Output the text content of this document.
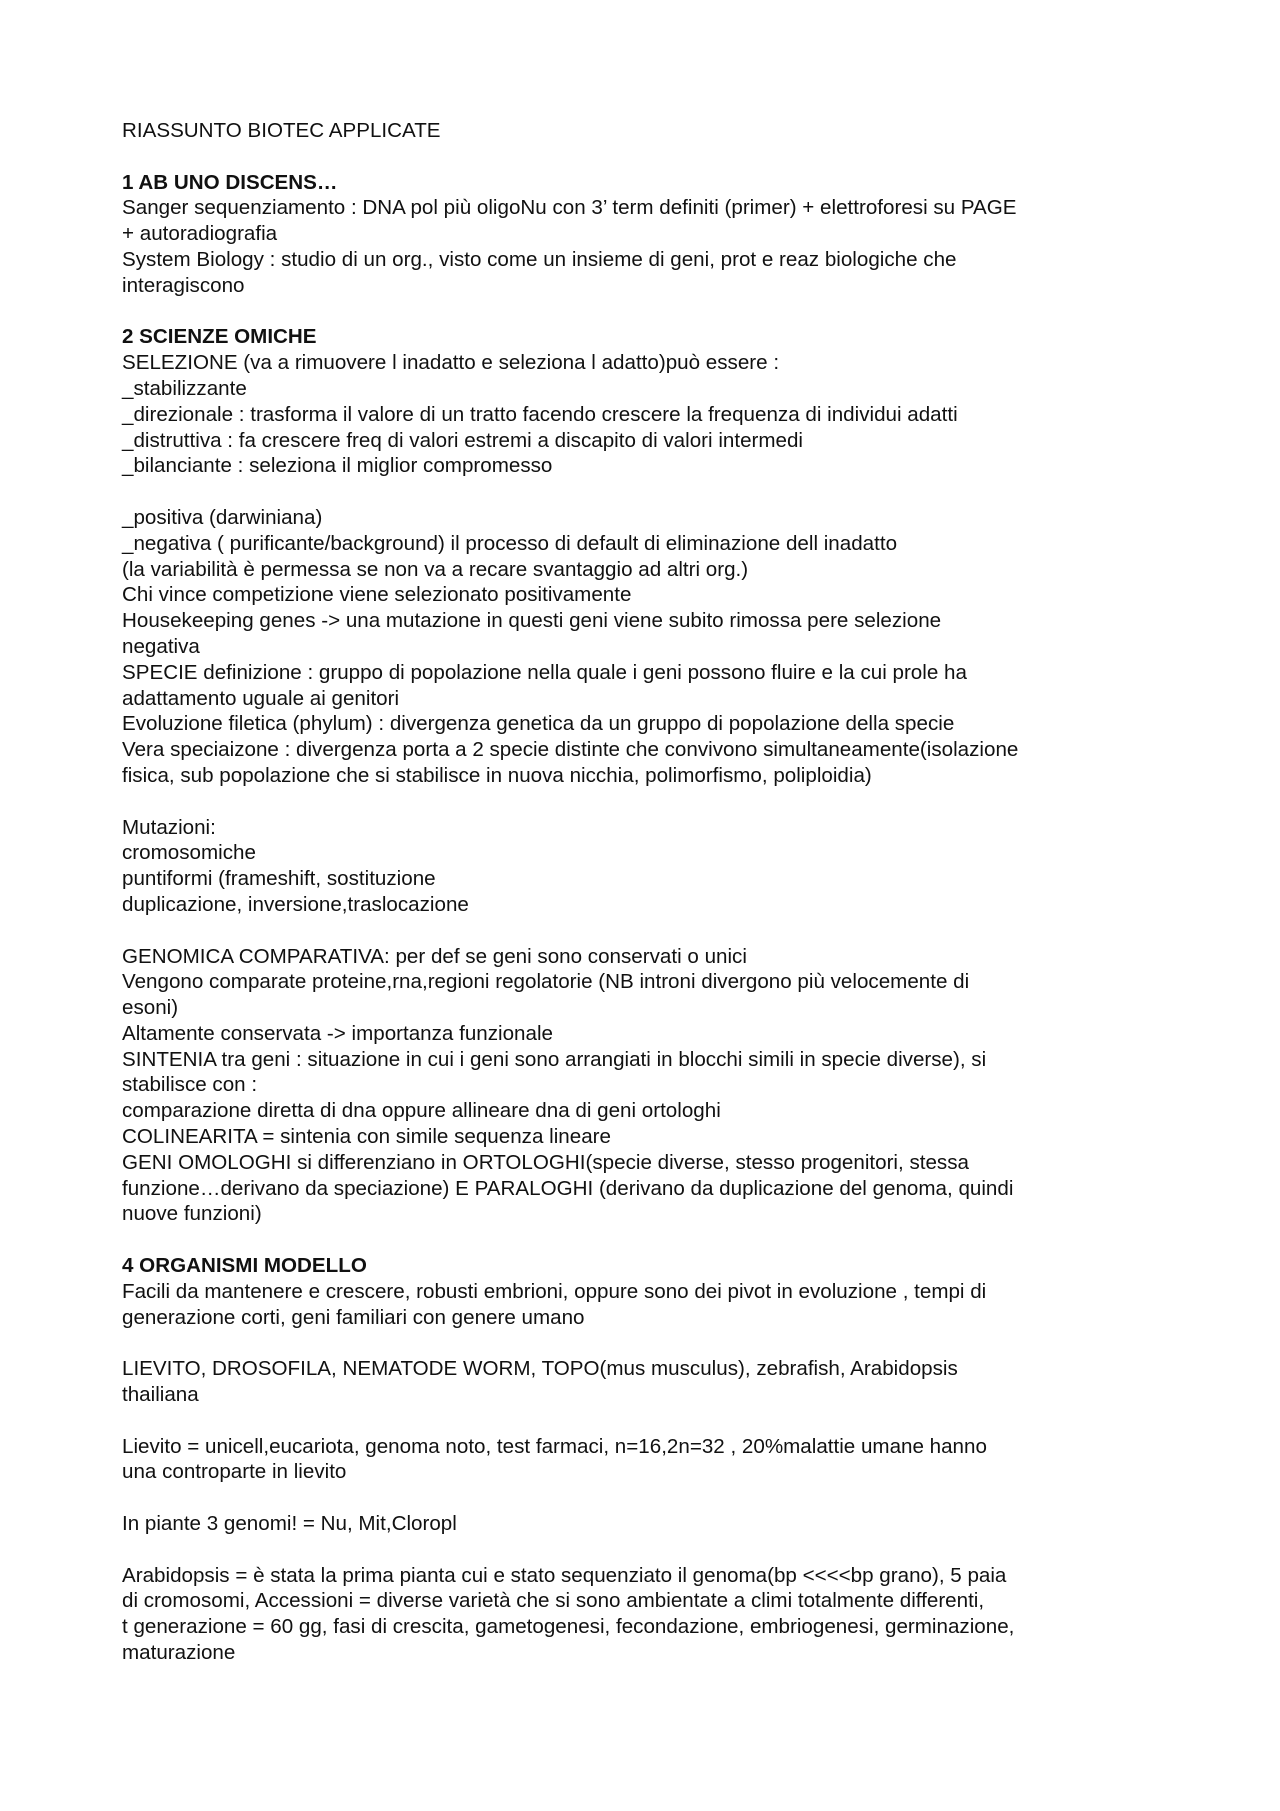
RIASSUNTO BIOTEC APPLICATE
1 AB UNO DISCENS…
Sanger sequenziamento : DNA pol più oligoNu con 3’ term definiti (primer) + elettroforesi su PAGE
+ autoradiografia
System Biology : studio di un org., visto come un insieme di geni, prot e reaz biologiche che
interagiscono
2 SCIENZE OMICHE
SELEZIONE (va a rimuovere l inadatto e seleziona l adatto)può essere :
_stabilizzante
_direzionale : trasforma il valore di un tratto facendo crescere la frequenza di individui adatti
_distruttiva : fa crescere freq di valori estremi a discapito di valori intermedi
_bilanciante : seleziona il miglior compromesso
_positiva (darwiniana)
_negativa ( purificante/background) il processo di default di eliminazione dell inadatto
(la variabilità è permessa se non va a recare svantaggio ad altri org.)
Chi vince competizione viene selezionato positivamente
Housekeeping genes -> una mutazione in questi geni viene subito rimossa pere selezione
negativa
SPECIE definizione : gruppo di popolazione nella quale i geni possono fluire e la cui prole ha
adattamento uguale ai genitori
Evoluzione filetica (phylum) : divergenza genetica da un gruppo di popolazione della specie
Vera speciaizone : divergenza porta a 2 specie distinte che convivono simultaneamente(isolazione
fisica, sub popolazione che si stabilisce in nuova nicchia, polimorfismo, poliploidia)
Mutazioni:
cromosomiche
puntiformi (frameshift, sostituzione
duplicazione, inversione,traslocazione
GENOMICA COMPARATIVA: per def se geni sono conservati o unici
Vengono comparate proteine,rna,regioni regolatorie (NB introni divergono più velocemente di
esoni)
Altamente conservata -> importanza funzionale
SINTENIA tra geni : situazione in cui i geni sono arrangiati in blocchi simili in specie diverse), si
stabilisce con :
comparazione diretta di dna oppure allineare dna di geni ortologhi
COLINEARITA = sintenia con simile sequenza lineare
GENI OMOLOGHI si differenziano in ORTOLOGHI(specie diverse, stesso progenitori, stessa
funzione…derivano da speciazione) E PARALOGHI (derivano da duplicazione del genoma, quindi
nuove funzioni)
4 ORGANISMI MODELLO
Facili da mantenere e crescere, robusti embrioni, oppure sono dei pivot in evoluzione , tempi di
generazione corti, geni familiari con genere umano
LIEVITO, DROSOFILA, NEMATODE WORM, TOPO(mus musculus), zebrafish, Arabidopsis
thailiana
Lievito = unicell,eucariota, genoma noto, test farmaci, n=16,2n=32 , 20%malattie umane hanno
una controparte in lievito
In piante 3 genomi! = Nu, Mit,Cloropl
Arabidopsis = è stata la prima pianta cui e stato sequenziato il genoma(bp <<<<bp grano), 5 paia
di cromosomi, Accessioni = diverse varietà che si sono ambientate a climi totalmente differenti,
t generazione = 60 gg, fasi di crescita, gametogenesi, fecondazione, embriogenesi, germinazione,
maturazione
